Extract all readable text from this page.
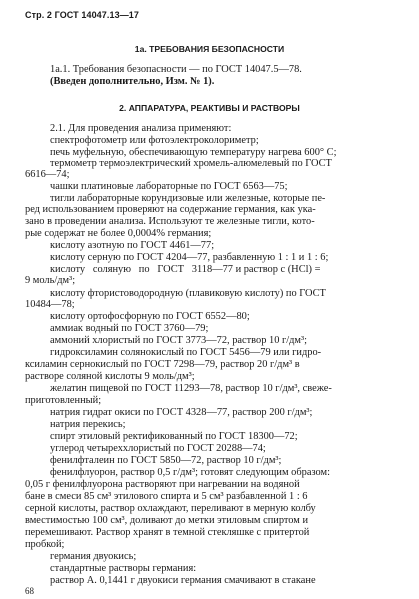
Стр. 2 ГОСТ 14047.13—17
1а. ТРЕБОВАНИЯ БЕЗОПАСНОСТИ
1а.1. Требования безопасности — по ГОСТ 14047.5—78.
(Введен дополнительно, Изм. № 1).
2. АППАРАТУРА, РЕАКТИВЫ И РАСТВОРЫ
2.1. Для проведения анализа применяют:
спектрофотометр или фотоэлектроколориметр;
печь муфельную, обеспечивающую температуру нагрева 600° С;
термометр термоэлектрический хромель-алюмелевый по ГОСТ
6616—74;
чашки платиновые лабораторные по ГОСТ 6563—75;
тигли лабораторные корундизовые или железные, которые пе-
ред использованием проверяют на содержание германия, как ука-
зано в проведении анализа. Используют те железные тигли, кото-
рые содержат не более 0,0004% германия;
кислоту азотную по ГОСТ 4461—77;
кислоту серную по ГОСТ 4204—77, разбавленную 1 : 1 и 1 : 6;
кислоту   соляную   по   ГОСТ   3118—77 и раствор с (HCl) =
9 моль/дм³;
кислоту фтористоводородную (плавиковую кислоту) по ГОСТ
10484—78;
кислоту ортофосфорную по ГОСТ 6552—80;
аммиак водный по ГОСТ 3760—79;
аммоний хлористый по ГОСТ 3773—72, раствор 10 г/дм³;
гидроксиламин солянокислый по ГОСТ 5456—79 или гидро-
ксиламин сернокислый по ГОСТ 7298—79, раствор 20 г/дм³ в
растворе соляной кислоты 9 моль/дм³;
желатин пищевой по ГОСТ 11293—78, раствор 10 г/дм³, свеже-
приготовленный;
натрия гидрат окиси по ГОСТ 4328—77, раствор 200 г/дм³;
натрия перекись;
спирт этиловый ректификованный по ГОСТ 18300—72;
углерод четыреххлористый по ГОСТ 20288—74;
фенилфталеин по ГОСТ 5850—72, раствор 10 г/дм³;
фенилфлуорон, раствор 0,5 г/дм³; готовят следующим образом:
0,05 г фенилфлуорона растворяют при нагревании на водяной
бане в смеси 85 см³ этилового спирта и 5 см³ разбавленной 1 : 6
серной кислоты, раствор охлаждают, переливают в мерную колбу
вместимостью 100 см³, доливают до метки этиловым спиртом и
перемешивают. Раствор хранят в темной стекляшке с притертой
пробкой;
германия двуокись;
стандартные растворы германия:
раствор А. 0,1441 г двуокиси германия смачивают в стакане
68
